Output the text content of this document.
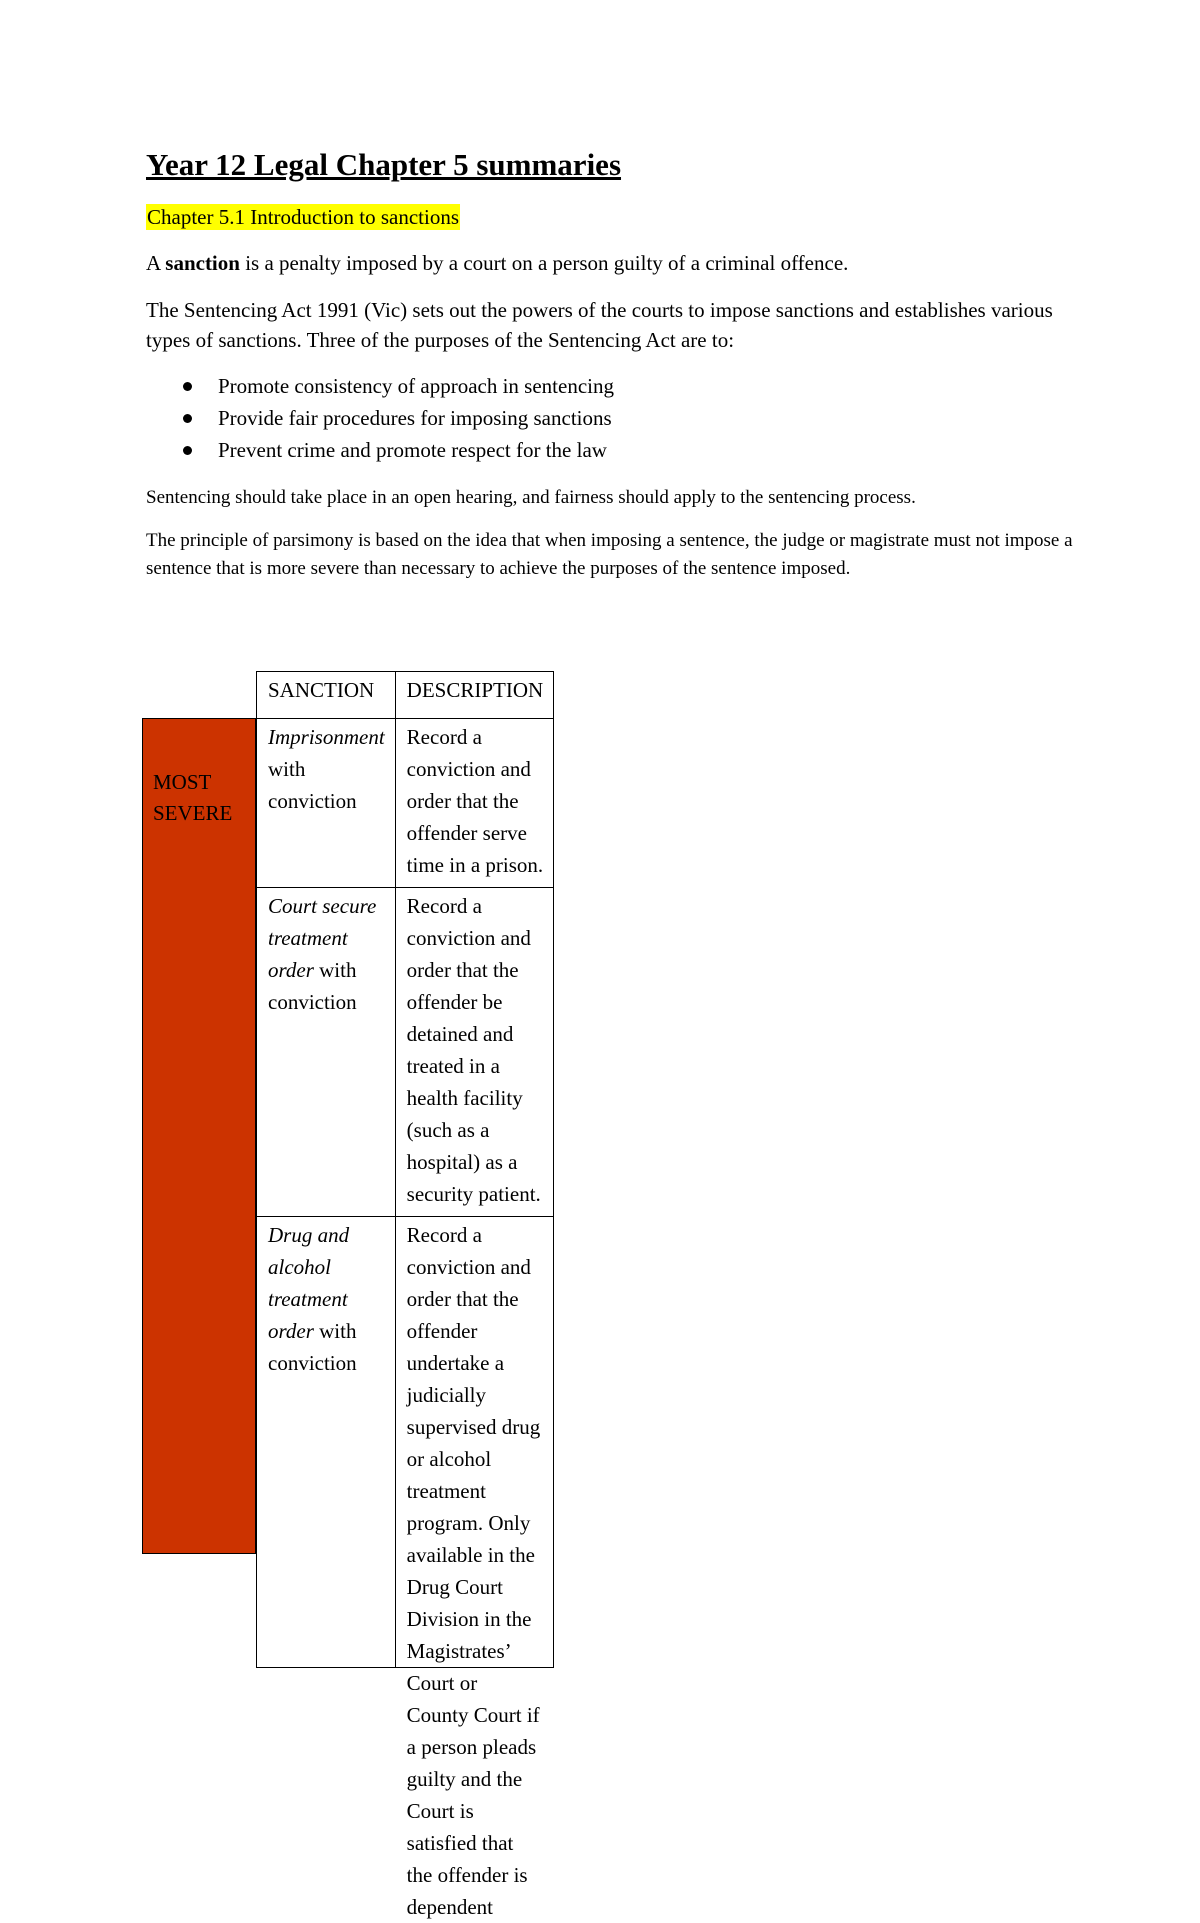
Year 12 Legal Chapter 5 summaries

Chapter 5.1 Introduction to sanctions

A sanction is a penalty imposed by a court on a person guilty of a criminal offence.

The Sentencing Act 1991 (Vic) sets out the powers of the courts to impose sanctions and establishes various types of sanctions. Three of the purposes of the Sentencing Act are to:

Promote consistency of approach in sentencing
Provide fair procedures for imposing sanctions
Prevent crime and promote respect for the law

Sentencing should take place in an open hearing, and fairness should apply to the sentencing process.

The principle of parsimony is based on the idea that when imposing a sentence, the judge or magistrate must not impose a sentence that is more severe than necessary to achieve the purposes of the sentence imposed.

MOST
SEVERE
SANCTION	DESCRIPTION
Imprisonment with conviction	Record a conviction and order that the offender serve time in a prison.
Court secure treatment order with conviction	Record a conviction and order that the offender be detained and treated in a health facility (such as a hospital) as a security patient.
Drug and alcohol treatment order with conviction	Record a conviction and order that the offender undertake a judicially supervised drug or alcohol treatment program. Only available in the Drug Court Division in the Magistrates’ Court or County Court if a person pleads guilty and the Court is satisfied that the offender is dependent
